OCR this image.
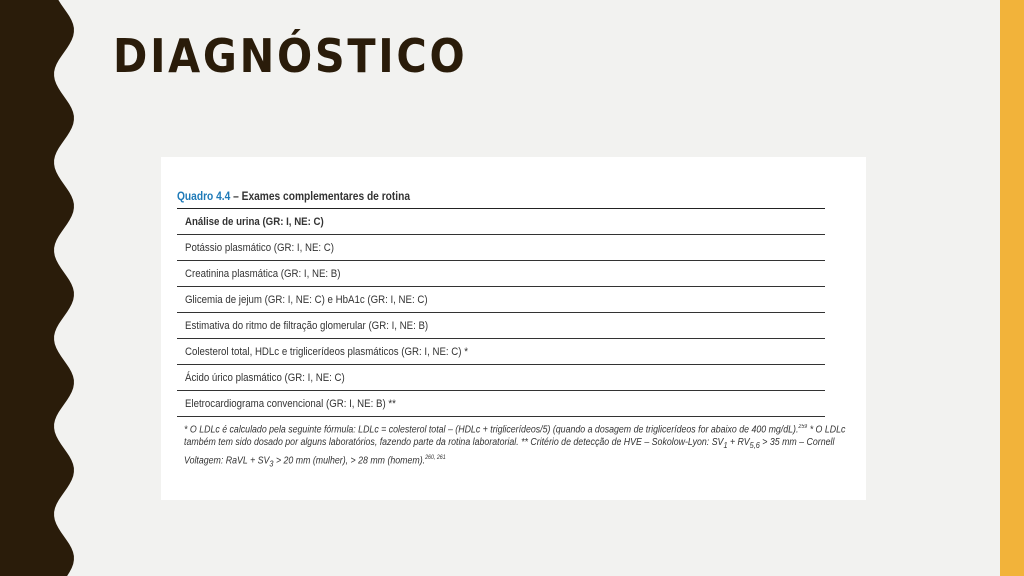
DIAGNÓSTICO
Quadro 4.4 – Exames complementares de rotina
Análise de urina (GR: I, NE: C)
Potássio plasmático (GR: I, NE: C)
Creatinina plasmática (GR: I, NE: B)
Glicemia de jejum (GR: I, NE: C) e HbA1c (GR: I, NE: C)
Estimativa do ritmo de filtração glomerular (GR: I, NE: B)
Colesterol total, HDLc e triglicerídeos plasmáticos (GR: I, NE: C) *
Ácido úrico plasmático (GR: I, NE: C)
Eletrocardiograma convencional (GR: I, NE: B) **

* O LDLc é calculado pela seguinte fórmula: LDLc = colesterol total – (HDLc + triglicerídeos/5) (quando a dosagem de triglicerídeos for abaixo de 400 mg/dL).$^{259}$ * O LDLc

também tem sido dosado por alguns laboratórios, fazendo parte da rotina laboratorial. ** Critério de detecção de HVE – Sokolow-Lyon: $SV_1 + RV_{5,6} > 35$ mm – Cornell

Voltagem: RaVL + $SV_3 > 20$ mm (mulher), > 28 mm (homem).$^{260, 261}$
